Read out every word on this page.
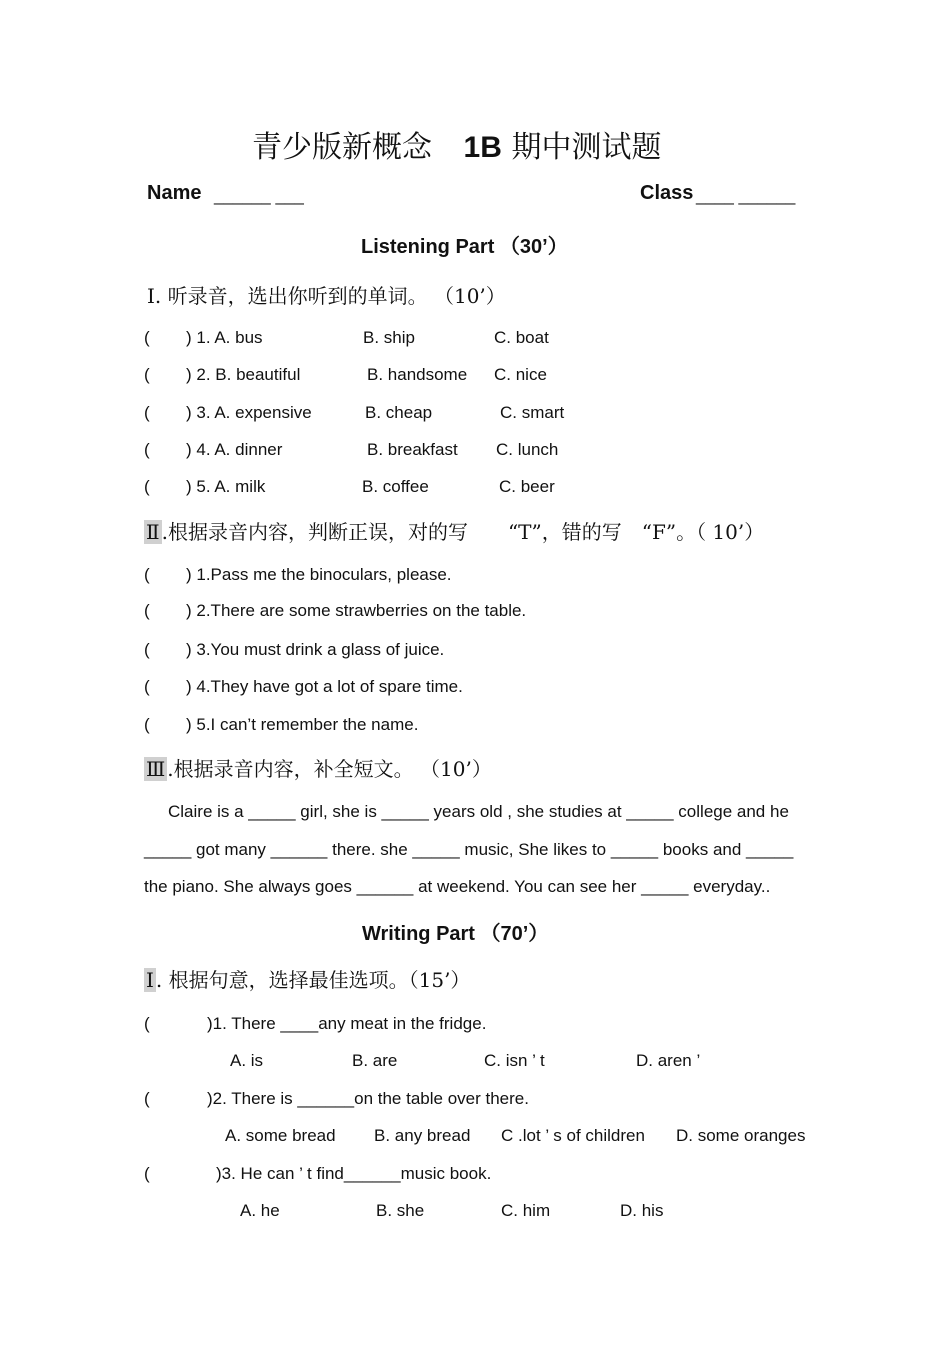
青少版新概念 1B 期中测试题
Name ______ ___	Class ____ ______
Listening Part （30’）
Ⅰ. 听录音，选出你听到的单词。 （10’）
( ) 1. A. bus	B. ship	C. boat
( ) 2. B. beautiful	B. handsome C. nice
( ) 3. A. expensive	B. cheap	C. smart
( ) 4. A. dinner	B. breakfast C. lunch
( ) 5. A. milk	B. coffee	C. beer
Ⅱ .根据录音内容，判断正误，对的写　　“T”，错的写　“F”。（ 10’）
( ) 1.Pass me the binoculars, please.
( ) 2.There are some strawberries on the table.
( ) 3.You must drink a glass of juice.
( ) 4.They have got a lot of spare time.
( ) 5.I can’t remember the name.
Ⅲ .根据录音内容，补全短文。 （10’）
Claire is a _____ girl, she is _____ years old , she studies at _____ college and he
_____ got many ______ there. she _____ music, She likes to _____ books and _____
the piano. She always goes ______ at weekend. You can see her _____ everyday..
Writing Part （70’）
Ⅰ . 根据句意，选择最佳选项。（15’）
(	)1. There ____any meat in the fridge.
A. is	B. are	C. isn ’ t	D. aren ’
(	)2. There is ______on the table over there.
A. some bread B. any bread C .lot ’ s of children D. some oranges
(	)3. He can ’ t find______music book.
A. he	B. she	C. him	D. his
